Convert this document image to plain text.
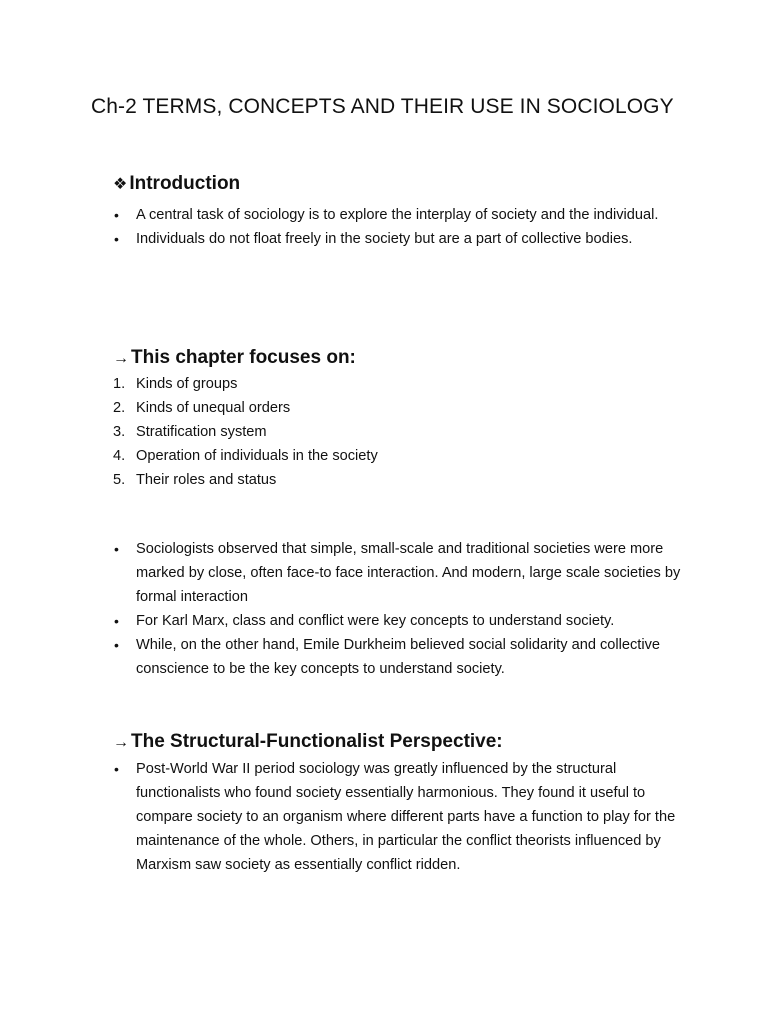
Ch-2 TERMS, CONCEPTS AND THEIR USE IN SOCIOLOGY
❖ Introduction
• A central task of sociology is to explore the interplay of society and the individual.
• Individuals do not float freely in the society but are a part of collective bodies.
→ This chapter focuses on:
1. Kinds of groups
2. Kinds of unequal orders
3. Stratification system
4. Operation of individuals in the society
5. Their roles and status
• Sociologists observed that simple, small-scale and traditional societies were more marked by close, often face-to face interaction. And modern, large scale societies by formal interaction
• For Karl Marx, class and conflict were key concepts to understand society.
• While, on the other hand, Emile Durkheim believed social solidarity and collective conscience to be the key concepts to understand society.
→ The Structural-Functionalist Perspective:
• Post-World War II period sociology was greatly influenced by the structural functionalists who found society essentially harmonious. They found it useful to compare society to an organism where different parts have a function to play for the maintenance of the whole. Others, in particular the conflict theorists influenced by Marxism saw society as essentially conflict ridden.
